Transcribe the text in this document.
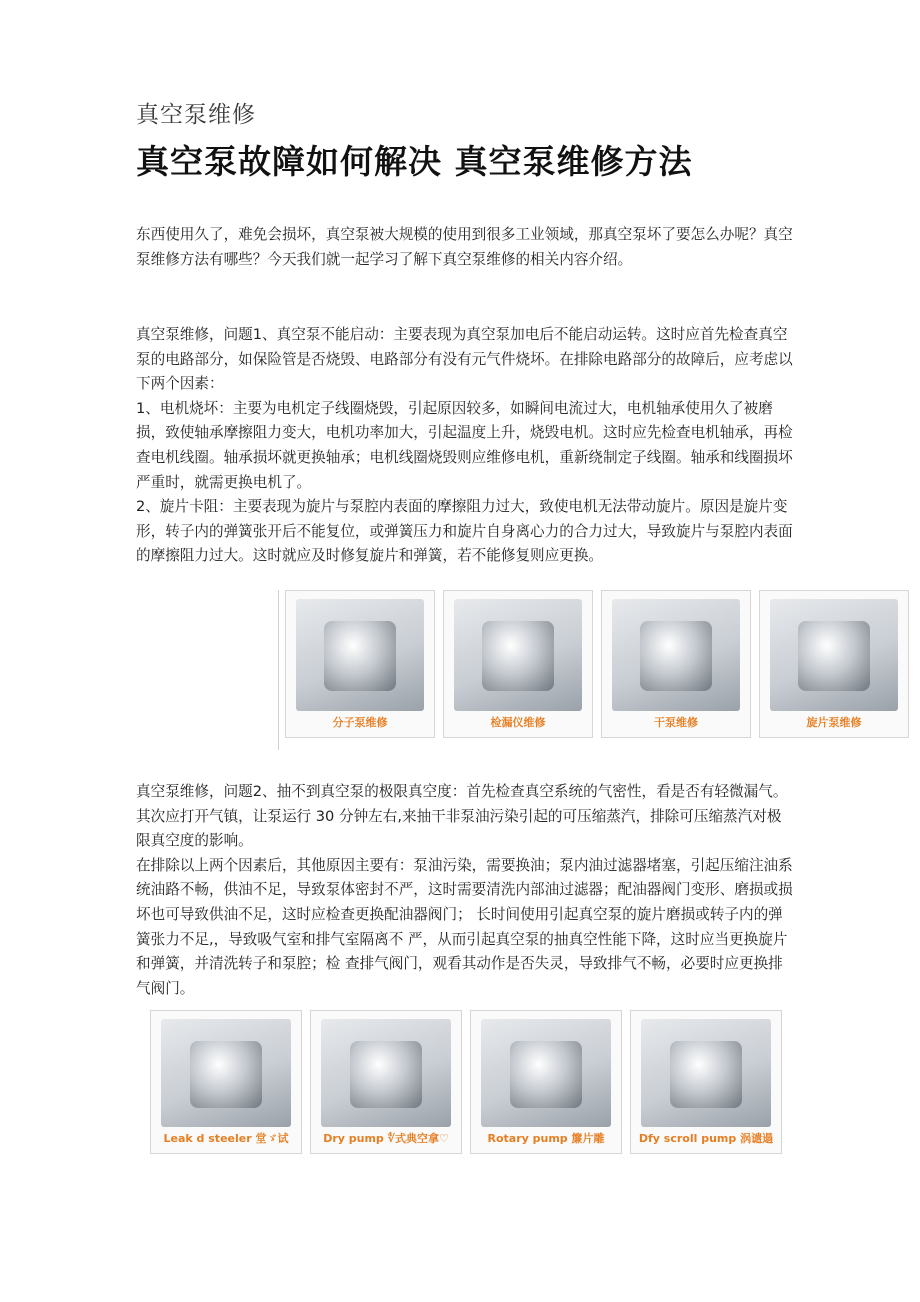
真空泵维修
真空泵故障如何解决 真空泵维修方法
东西使用久了，难免会损坏，真空泵被大规模的使用到很多工业领域，那真空泵坏了要怎么办呢？真空泵维修方法有哪些？今天我们就一起学习了解下真空泵维修的相关内容介绍。
真空泵维修，问题1、真空泵不能启动：主要表现为真空泵加电后不能启动运转。这时应首先检查真空泵的电路部分，如保险管是否烧毁、电路部分有没有元气件烧坏。在排除电路部分的故障后，应考虑以下两个因素：
1、电机烧坏：主要为电机定子线圈烧毁，引起原因较多，如瞬间电流过大，电机轴承使用久了被磨损，致使轴承摩擦阻力变大，电机功率加大，引起温度上升，烧毁电机。这时应先检查电机轴承，再检查电机线圈。轴承损坏就更换轴承；电机线圈烧毁则应维修电机，重新绕制定子线圈。轴承和线圈损坏严重时，就需更换电机了。
2、旋片卡阻：主要表现为旋片与泵腔内表面的摩擦阻力过大，致使电机无法带动旋片。原因是旋片变形，转子内的弹簧张开后不能复位，或弹簧压力和旋片自身离心力的合力过大，导致旋片与泵腔内表面的摩擦阻力过大。这时就应及时修复旋片和弹簧，若不能修复则应更换。
分子泵维修	检漏仪维修	干泵维修	旋片泵维修
真空泵维修，问题2、抽不到真空泵的极限真空度：首先检查真空系统的气密性，看是否有轻微漏气。其次应打开气镇，让泵运行 30 分钟左右,来抽干非泵油污染引起的可压缩蒸汽，排除可压缩蒸汽对极限真空度的影响。
在排除以上两个因素后，其他原因主要有：泵油污染，需要换油；泵内油过滤器堵塞，引起压缩注油系统油路不畅，供油不足，导致泵体密封不严，这时需要清洗内部油过滤器；配油器阀门变形、磨损或损坏也可导致供油不足，这时应检查更换配油器阀门； 长时间使用引起真空泵的旋片磨损或转子内的弹簧张力不足,，导致吸气室和排气室隔离不 严，从而引起真空泵的抽真空性能下降，这时应当更换旋片和弹簧，并清洗转子和泵腔；检 查排气阀门，观看其动作是否失灵，导致排气不畅，必要时应更换排气阀门。
Leak d steeler 堂ゞ试	Dry pump ∜式典空拿♡	Rotary pump 簾片雕	Dfy scroll pump 涡谴遢
